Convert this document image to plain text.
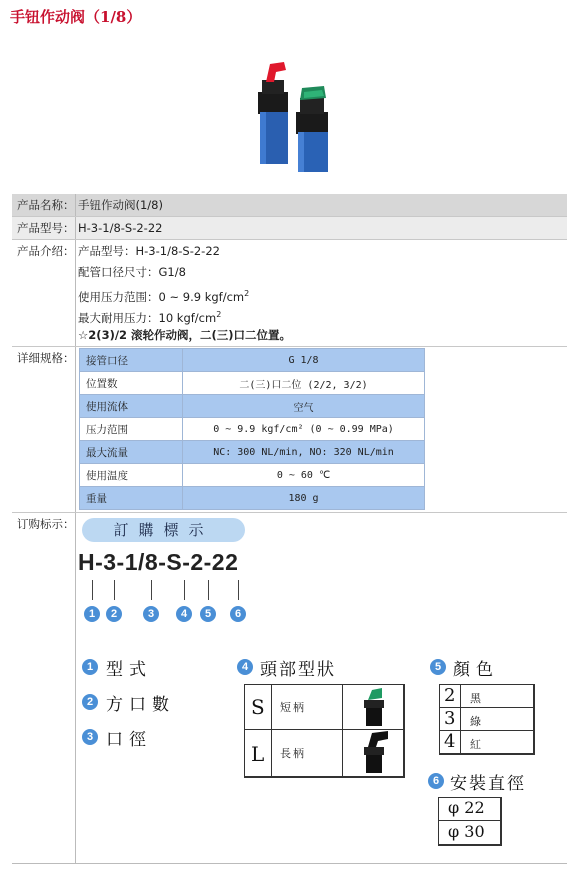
手钮作动阀（1/8）
产品名称： 手钮作动阀(1/8)
产品型号： H-3-1/8-S-2-22
产品介绍： 产品型号：H-3-1/8-S-2-22
配管口径尺寸：G1/8
使用压力范围：0 ~ 9.9 kgf/$cm^2$
最大耐用压力：10 kgf/$cm^2$
☆2(3)/2 滚轮作动阀，二(三)口二位置。
详细规格： 接管口径	G 1/8
位置数	二(三)口二位 (2/2, 3/2)
使用流体	空气
压力范围	0 ~ 9.9 kgf/cm² (0 ~ 0.99 MPa)
最大流量	NC: 300 NL/min, NO: 320 NL/min
使用温度	0 ~ 60 ℃
重量	180 g
订购标示：	訂購標示
H-3-1/8-S-2-22
1	2	3	4	5	6
1 型式
2 方口數
3 口徑
4 頭部型狀
S 短柄
L 長柄
5 顏色
2 黑
3 綠
4 紅
6 安裝直徑
φ 22
φ 30
